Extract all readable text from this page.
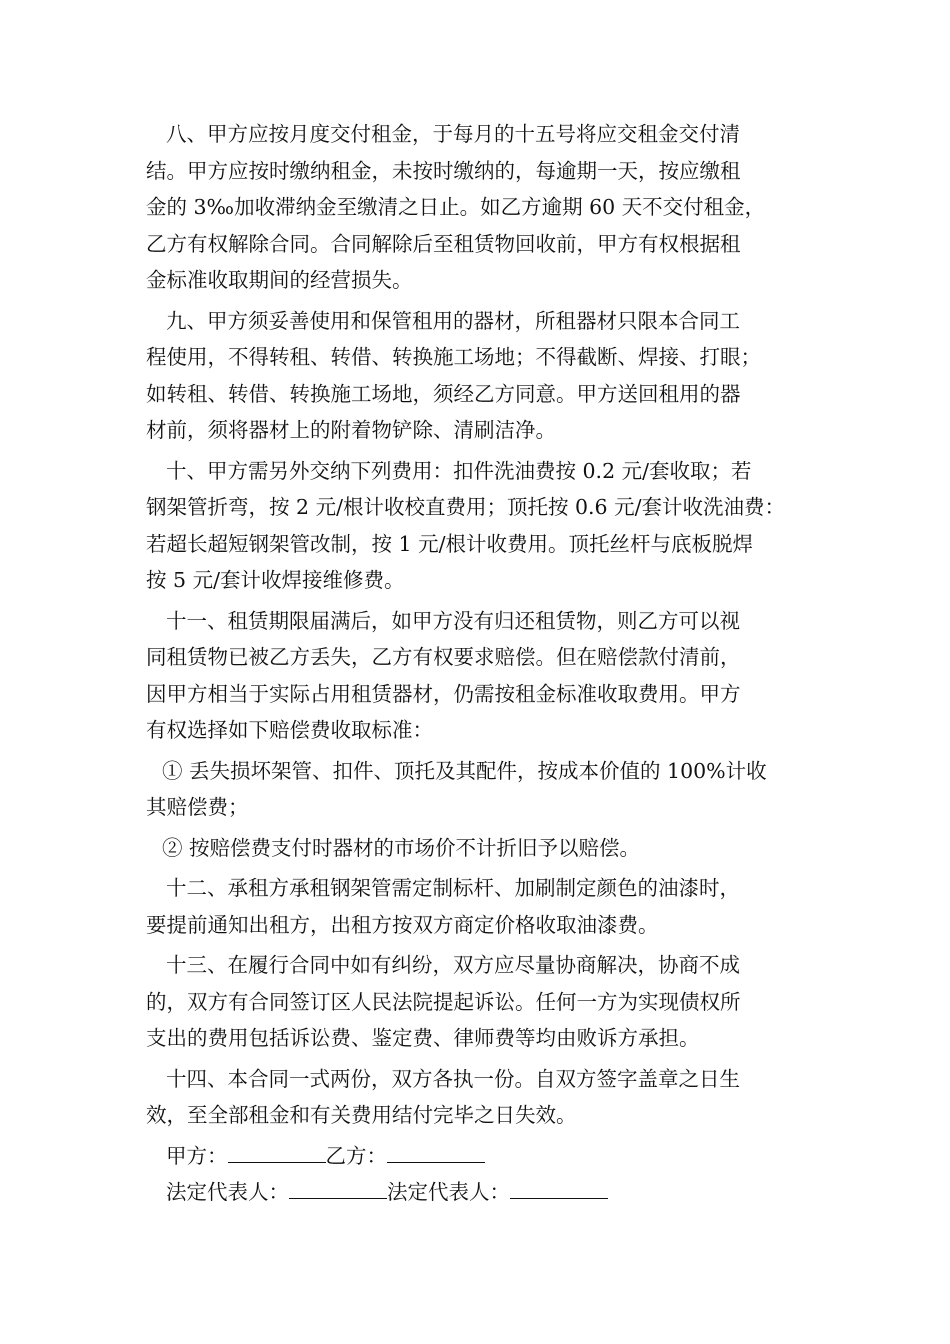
八、甲方应按月度交付租金，于每月的十五号将应交租金交付清
结。甲方应按时缴纳租金，未按时缴纳的，每逾期一天，按应缴租
金的 3‰加收滞纳金至缴清之日止。如乙方逾期 60 天不交付租金，
乙方有权解除合同。合同解除后至租赁物回收前，甲方有权根据租
金标准收取期间的经营损失。
九、甲方须妥善使用和保管租用的器材，所租器材只限本合同工
程使用，不得转租、转借、转换施工场地；不得截断、焊接、打眼；
如转租、转借、转换施工场地，须经乙方同意。甲方送回租用的器
材前，须将器材上的附着物铲除、清刷洁净。
十、甲方需另外交纳下列费用：扣件洗油费按 0.2 元/套收取；若
钢架管折弯，按 2 元/根计收校直费用；顶托按 0.6 元/套计收洗油费：
若超长超短钢架管改制，按 1 元/根计收费用。顶托丝杆与底板脱焊
按 5 元/套计收焊接维修费。
十一、租赁期限届满后，如甲方没有归还租赁物，则乙方可以视
同租赁物已被乙方丢失，乙方有权要求赔偿。但在赔偿款付清前，
因甲方相当于实际占用租赁器材，仍需按租金标准收取费用。甲方
有权选择如下赔偿费收取标准：
① 丢失损坏架管、扣件、顶托及其配件，按成本价值的 100%计收
其赔偿费；
② 按赔偿费支付时器材的市场价不计折旧予以赔偿。
十二、承租方承租钢架管需定制标杆、加刷制定颜色的油漆时，
要提前通知出租方，出租方按双方商定价格收取油漆费。
十三、在履行合同中如有纠纷，双方应尽量协商解决，协商不成
的，双方有合同签订区人民法院提起诉讼。任何一方为实现债权所
支出的费用包括诉讼费、鉴定费、律师费等均由败诉方承担。
十四、本合同一式两份，双方各执一份。自双方签字盖章之日生
效，至全部租金和有关费用结付完毕之日失效。
甲方：	乙方：
法定代表人：	法定代表人：
